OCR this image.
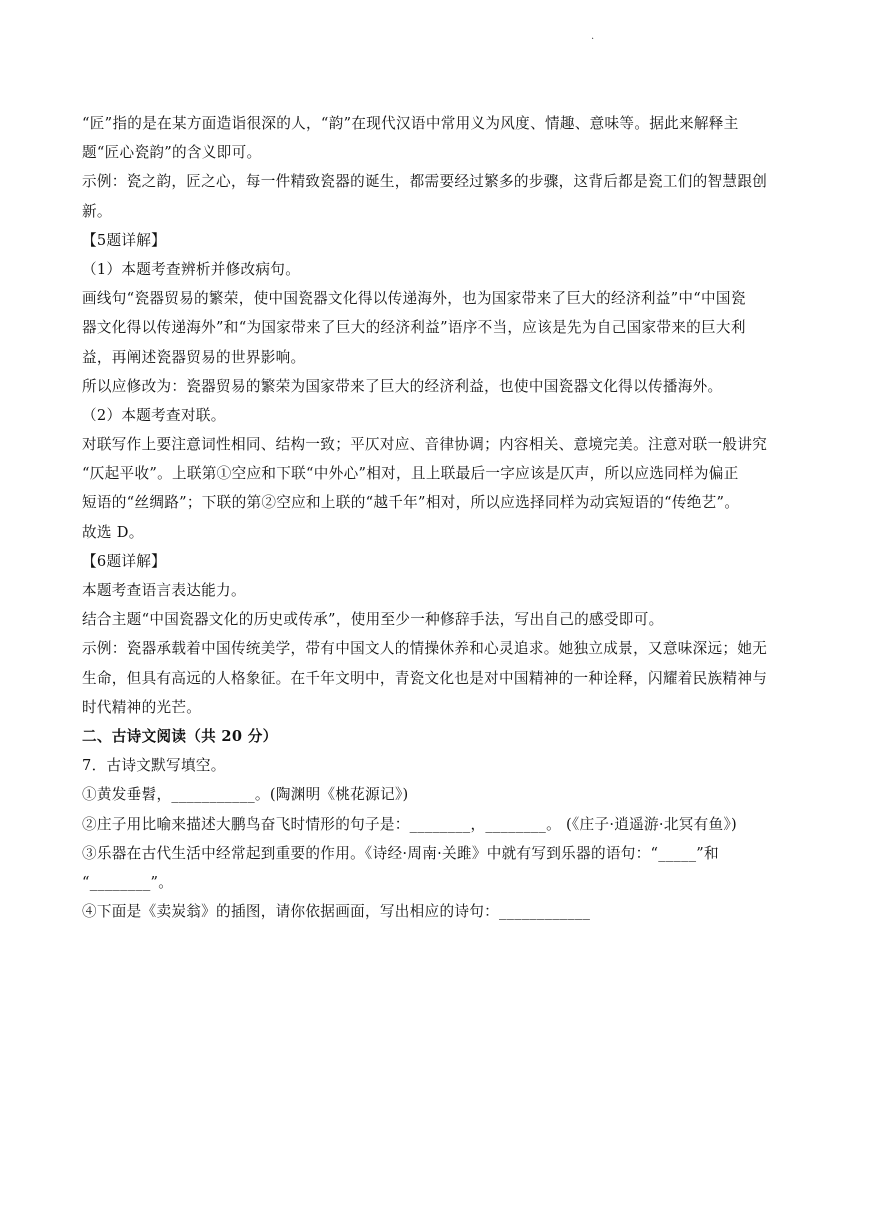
.
“匠”指的是在某方面造诣很深的人，“韵”在现代汉语中常用义为风度、情趣、意味等。据此来解释主
题“匠心瓷韵”的含义即可。
示例：瓷之韵，匠之心，每一件精致瓷器的诞生，都需要经过繁多的步骤，这背后都是瓷工们的智慧跟创
新。
【5题详解】
（1）本题考查辨析并修改病句。
画线句“瓷器贸易的繁荣，使中国瓷器文化得以传递海外，也为国家带来了巨大的经济利益”中“中国瓷
器文化得以传递海外”和“为国家带来了巨大的经济利益”语序不当，应该是先为自己国家带来的巨大利
益，再阐述瓷器贸易的世界影响。
所以应修改为：瓷器贸易的繁荣为国家带来了巨大的经济利益，也使中国瓷器文化得以传播海外。
（2）本题考查对联。
对联写作上要注意词性相同、结构一致；平仄对应、音律协调；内容相关、意境完美。注意对联一般讲究
“仄起平收”。上联第①空应和下联“中外心”相对，且上联最后一字应该是仄声，所以应选同样为偏正
短语的“丝绸路”；下联的第②空应和上联的“越千年”相对，所以应选择同样为动宾短语的“传绝艺”。
故选 D。
【6题详解】
本题考查语言表达能力。
结合主题“中国瓷器文化的历史或传承”，使用至少一种修辞手法，写出自己的感受即可。
示例：瓷器承载着中国传统美学，带有中国文人的情操休养和心灵追求。她独立成景，又意味深远；她无
生命，但具有高远的人格象征。在千年文明中，青瓷文化也是对中国精神的一种诠释，闪耀着民族精神与
时代精神的光芒。
二、古诗文阅读（共 20 分）
7．古诗文默写填空。
①黄发垂髫，___________。(陶渊明《桃花源记》)
②庄子用比喻来描述大鹏鸟奋飞时情形的句子是：________，________。 (《庄子·逍遥游·北冥有鱼》)
③乐器在古代生活中经常起到重要的作用。《诗经·周南·关雎》中就有写到乐器的语句：“_____”和
“________”。
④下面是《卖炭翁》的插图，请你依据画面，写出相应的诗句：____________
